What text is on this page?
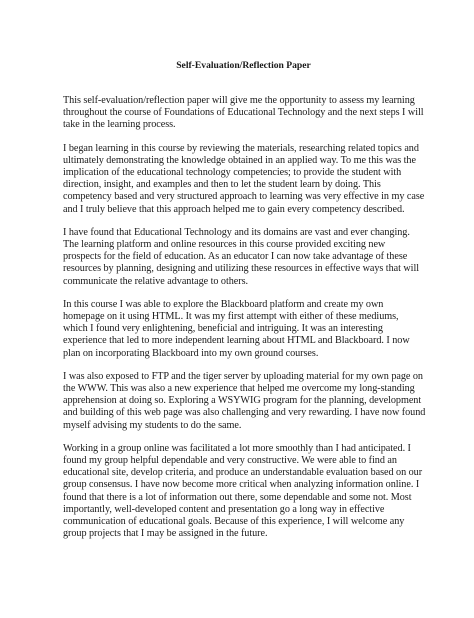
Self-Evaluation/Reflection Paper
This self-evaluation/reflection paper will give me the opportunity to assess my learning
throughout the course of Foundations of Educational Technology and the next steps I will
take in the learning process.
I began learning in this course by reviewing the materials, researching related topics and
ultimately demonstrating the knowledge obtained in an applied way. To me this was the
implication of the educational technology competencies; to provide the student with
direction, insight, and examples and then to let the student learn by doing. This
competency based and very structured approach to learning was very effective in my case
and I truly believe that this approach helped me to gain every competency described.
I have found that Educational Technology and its domains are vast and ever changing.
The learning platform and online resources in this course provided exciting new
prospects for the field of education. As an educator I can now take advantage of these
resources by planning, designing and utilizing these resources in effective ways that will
communicate the relative advantage to others.
In this course I was able to explore the Blackboard platform and create my own
homepage on it using HTML. It was my first attempt with either of these mediums,
which I found very enlightening, beneficial and intriguing. It was an interesting
experience that led to more independent learning about HTML and Blackboard. I now
plan on incorporating Blackboard into my own ground courses.
I was also exposed to FTP and the tiger server by uploading material for my own page on
the WWW. This was also a new experience that helped me overcome my long-standing
apprehension at doing so. Exploring a WSYWIG program for the planning, development
and building of this web page was also challenging and very rewarding. I have now found
myself advising my students to do the same.
Working in a group online was facilitated a lot more smoothly than I had anticipated. I
found my group helpful dependable and very constructive. We were able to find an
educational site, develop criteria, and produce an understandable evaluation based on our
group consensus. I have now become more critical when analyzing information online. I
found that there is a lot of information out there, some dependable and some not. Most
importantly, well-developed content and presentation go a long way in effective
communication of educational goals. Because of this experience, I will welcome any
group projects that I may be assigned in the future.
